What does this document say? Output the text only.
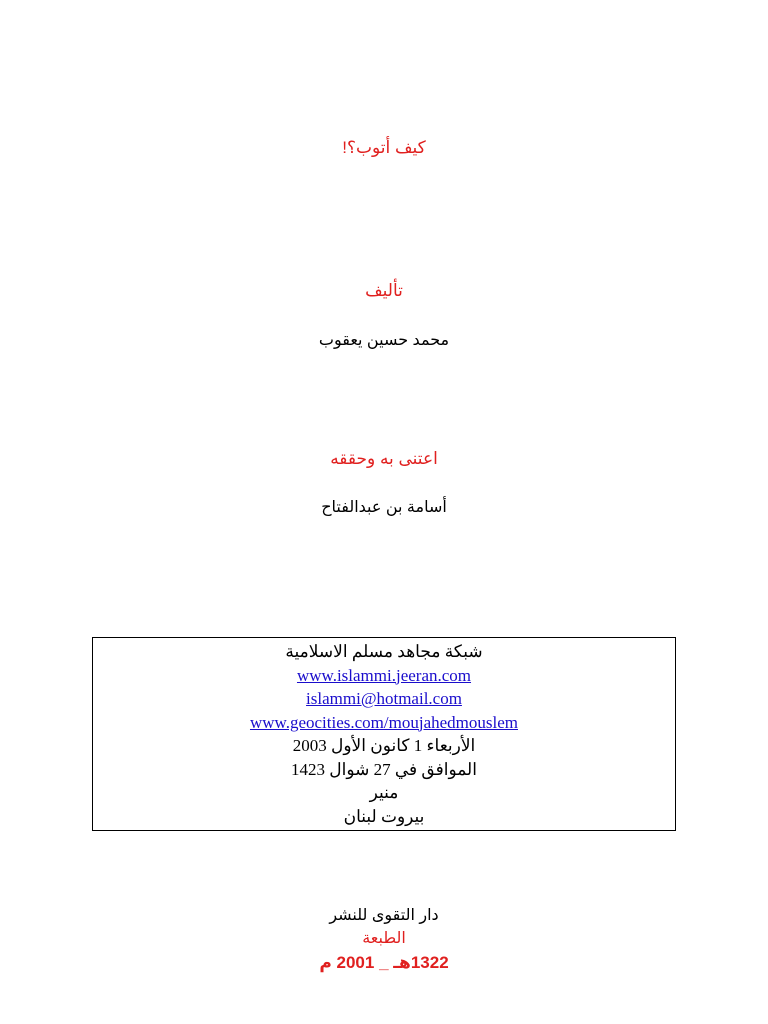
كيف أتوب؟!
تأليف
محمد حسين يعقوب
اعتنى به وحققه
أسامة بن عبدالفتاح
شبكة مجاهد مسلم الاسلامية
www.islammi.jeeran.com
islammi@hotmail.com
www.geocities.com/moujahedmouslem
الأربعاء 1 كانون الأول 2003
الموافق في 27 شوال 1423
منير
بيروت لبنان
دار التقوى للنشر
الطبعة
1322هـ _ 2001 م
